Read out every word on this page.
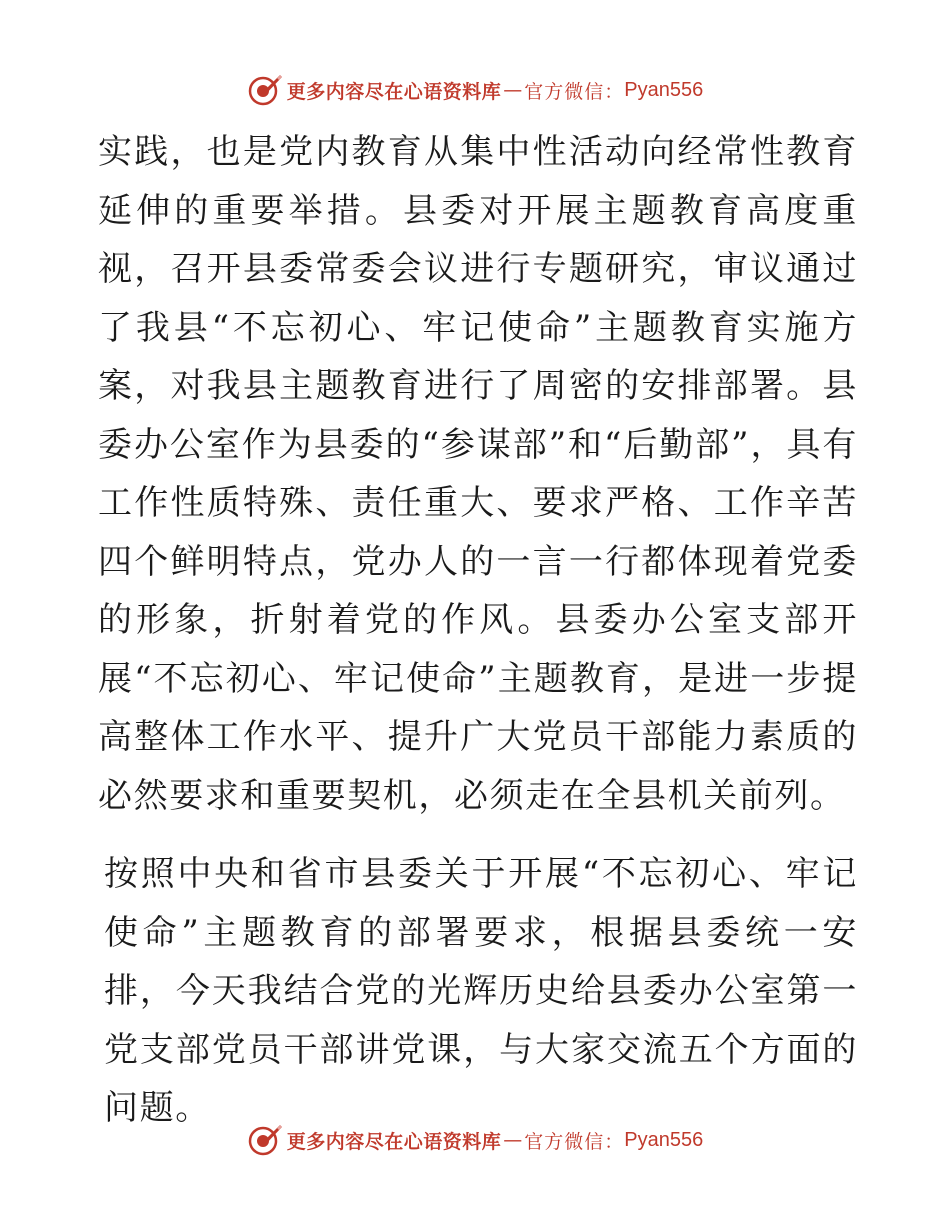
更多内容尽在心语资料库 — 官方微信： Pyan556

实践，也是党内教育从集中性活动向经常性教育延伸的重要举措。县委对开展主题教育高度重视，召开县委常委会议进行专题研究，审议通过了我县“不忘初心、牢记使命”主题教育实施方案，对我县主题教育进行了周密的安排部署。县委办公室作为县委的“参谋部”和“后勤部”，具有工作性质特殊、责任重大、要求严格、工作辛苦四个鲜明特点，党办人的一言一行都体现着党委的形象，折射着党的作风。县委办公室支部开展“不忘初心、牢记使命”主题教育，是进一步提高整体工作水平、提升广大党员干部能力素质的必然要求和重要契机，必须走在全县机关前列。

按照中央和省市县委关于开展“不忘初心、牢记使命”主题教育的部署要求，根据县委统一安排，今天我结合党的光辉历史给县委办公室第一党支部党员干部讲党课，与大家交流五个方面的问题。

更多内容尽在心语资料库 — 官方微信： Pyan556
